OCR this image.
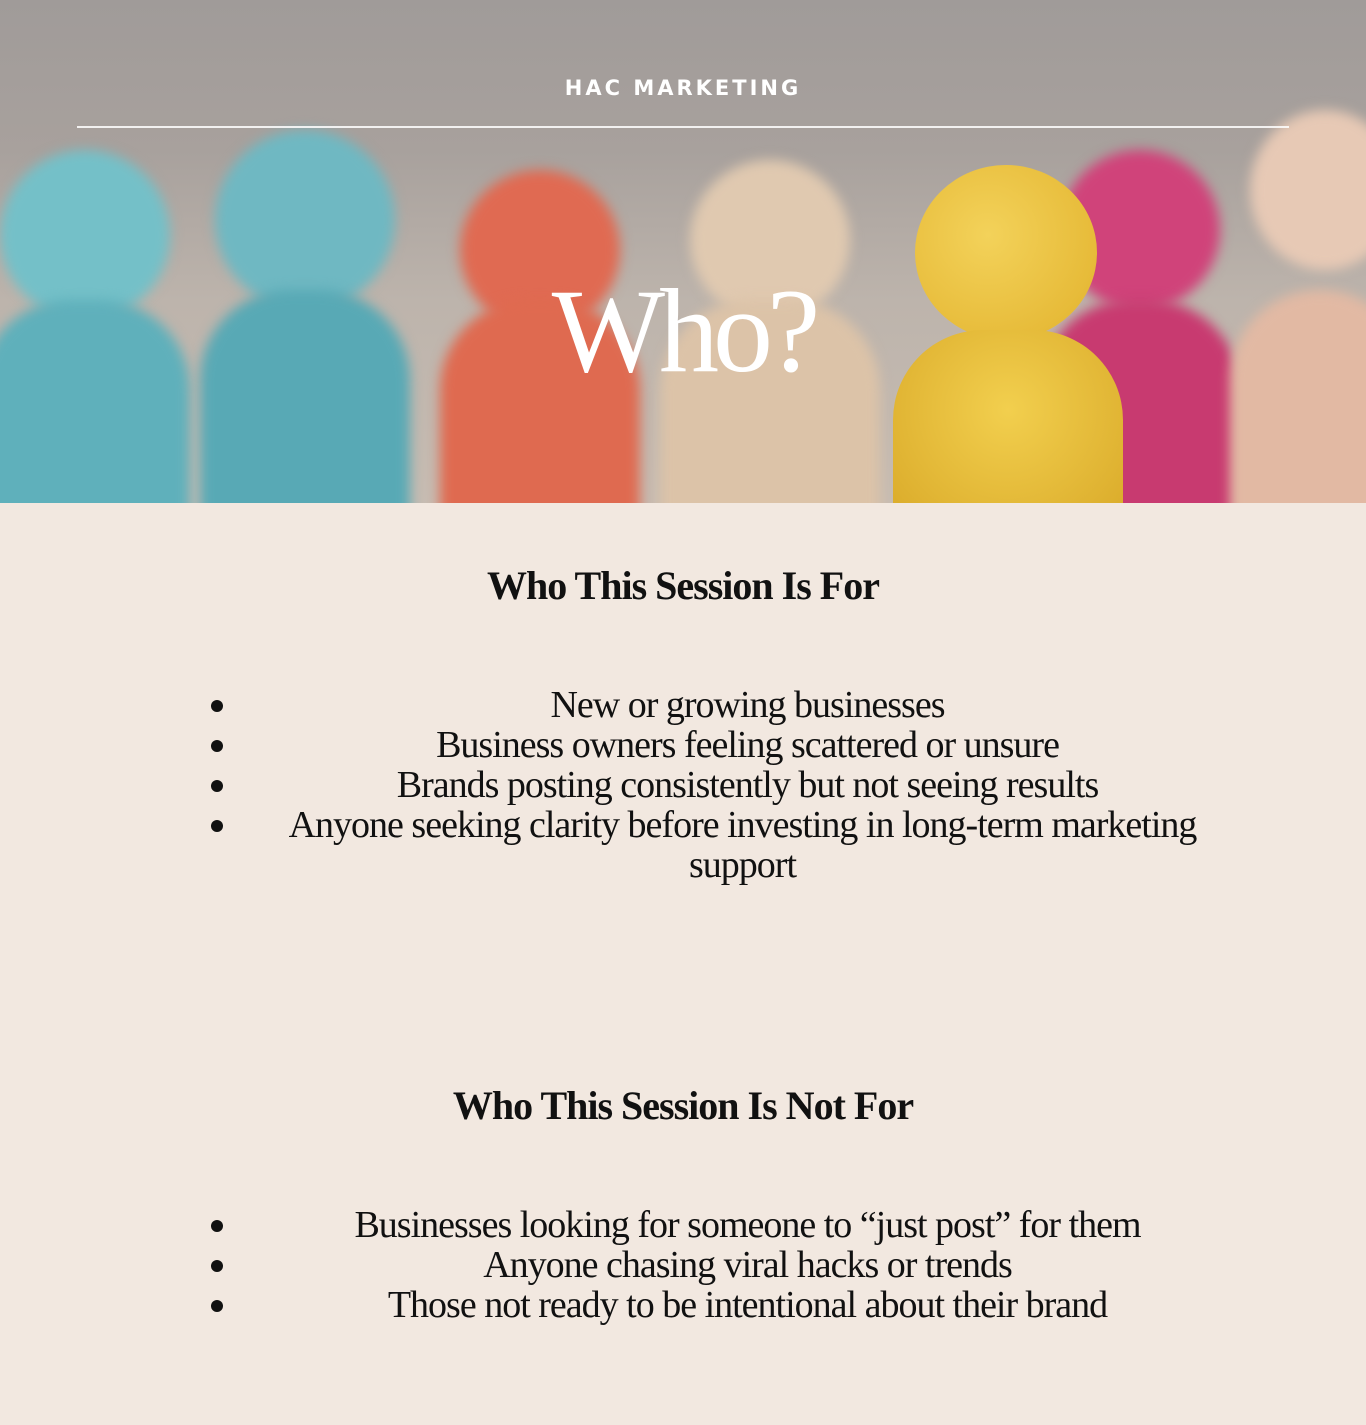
HAC MARKETING
Who?
Who This Session Is For
New or growing businesses
Business owners feeling scattered or unsure
Brands posting consistently but not seeing results
Anyone seeking clarity before investing in long-term marketing support
Who This Session Is Not For
Businesses looking for someone to “just post” for them
Anyone chasing viral hacks or trends
Those not ready to be intentional about their brand
